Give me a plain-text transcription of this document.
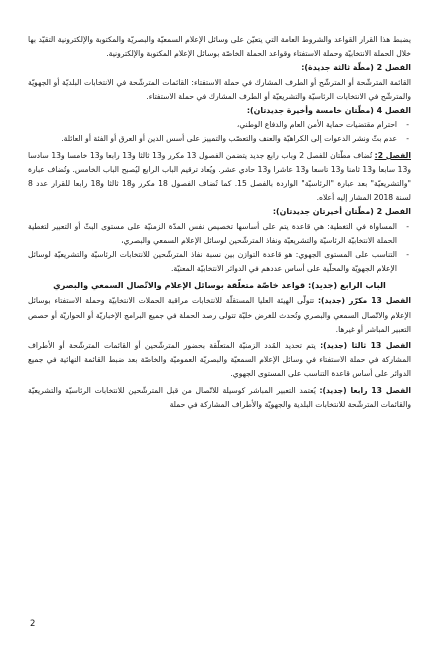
يضبط هذا القرار القواعد والشروط العامة التي يتعيّن على وسائل الإعلام السمعيّة والبصريّة والمكتوبة والإلكترونية التقيّد بها خلال الحملة الانتخابيّة وحملة الاستفتاء وقواعد الحملة الخاصّة بوسائل الإعلام المكتوبة والإلكترونية.

الفصل 2 (مطّة ثالثة جديدة):

القائمة المترشّحة أو المترشّح أو الطرف المشارك في حملة الاستفتاء: القائمات المترشّحة في الانتخابات البلديّة أو الجهويّة والمترشّح في الانتخابات الرئاسيّة والتشريعيّة أو الطرف المشارك في حملة الاستفتاء.

الفصل 4 (مطّتان خامسة وأخيرة جديدتان):

-
احترام مقتضيات حماية الأمن العام والدفاع الوطني،
-
عدم بثّ ونشر الدعوات إلى الكراهيّة والعنف والتعصّب والتمييز على أسس الدين أو العرق أو الفئة أو العائلة.

الفصل 2: تُضاف مطّتان للفصل 2 وباب رابع جديد يتضمن الفصول 13 مكرر و13 ثالثا و13 رابعا و13 خامسا و13 سادسا و13 سابعا و13 ثامنا و13 تاسعا و13 عاشرا و13 حادي عشر. ويُعاد ترقيم الباب الرابع ليُصبح الباب الخامس. وتُضاف عبارة "والتشريعيّة" بعد عبارة "الرئاسيّة" الواردة بالفصل 15. كما تُضاف الفصول 18 مكرر و18 ثالثا و18 رابعا للقرار عدد 8 لسنة 2018 المشار إليه أعلاه.

الفصل 2 (مطّتان أخيرتان جديدتان):

-
المساواة في التغطية: هي قاعدة يتم على أساسها تخصيص نفس المدّة الزمنيّة على مستوى البثّ أو التعبير لتغطية الحملة الانتخابيّة الرئاسيّة والتشريعيّة ونفاذ المترشّحين لوسائل الإعلام السمعي والبصري،
-
التناسب على المستوى الجهوي: هو قاعدة التوازن بين نسبة نفاذ المترشّحين للانتخابات الرئاسيّة والتشريعيّة لوسائل الإعلام الجهويّة والمحلّية على أساس عددهم في الدوائر الانتخابيّة المعنيّة.

الباب الرابع (جديد): قواعد خاصّة متعلّقة بوسائل الإعلام والاتّصال السمعي والبصري

الفصل 13 مكرّر (جديد): تتولّى الهيئة العليا المستقلّة للانتخابات مراقبة الحملات الانتخابيّة وحملة الاستفتاء بوسائل الإعلام والاتّصال السمعي والبصري وتُحدث للغرض خليّة تتولى رصد الحملة في جميع البرامج الإخباريّة أو الحواريّة أو حصص التعبير المباشر أو غيرها.

الفصل 13 ثالثا (جديد): يتم تحديد المُدد الزمنيّة المتعلّقة بحضور المترشّحين أو القائمات المترشّحة أو الأطراف المشاركة في حملة الاستفتاء في وسائل الإعلام السمعيّة والبصريّة العموميّة والخاصّة بعد ضبط القائمة النهائية في جميع الدوائر على أساس قاعدة التناسب على المستوى الجهوي.

الفصل 13 رابعا (جديد): يُعتمد التعبير المباشر كوسيلة للاتّصال من قبل المترشّحين للانتخابات الرئاسيّة والتشريعيّة والقائمات المترشّحة للانتخابات البلدية والجهويّة والأطراف المشاركة في حملة

2
